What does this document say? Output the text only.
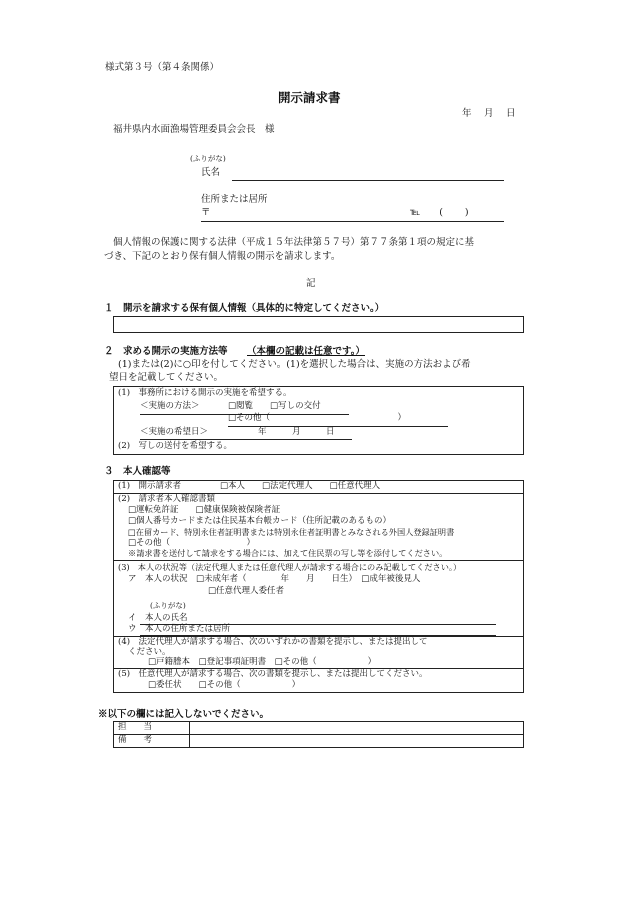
様式第３号（第４条関係）
開示請求書
年　 月　 日
福井県内水面漁場管理委員会会長　様
(ふりがな)
氏名
住所または居所
〒	℡　　(　　 )
個人情報の保護に関する法律（平成１５年法律第５７号）第７７条第１項の規定に基
づき、下記のとおり保有個人情報の開示を請求します。
記
１　開示を請求する保有個人情報（具体的に特定してください。）
２　求める開示の実施方法等 （本欄の記載は任意です。）
(1)または(2)に○印を付してください。(1)を選択した場合は、実施の方法および希
望日を記載してください。
(1)　事務所における開示の実施を希望する。
＜実施の方法＞	□閲覧　　□写しの交付
□その他（　　　　　　　　　　　　　　　）
＜実施の希望日＞	年　　　月　　　日
(2)　写しの送付を希望する。
３　本人確認等
(1)　開示請求者	□本人　　□法定代理人　　□任意代理人
(2)　請求者本人確認書類
□運転免許証　　□健康保険被保険者証
□個人番号カードまたは住民基本台帳カード（住所記載のあるもの）
□在留カード、特別永住者証明書または特別永住者証明書とみなされる外国人登録証明書
□その他（　　　　　　　　　）
※請求書を送付して請求をする場合には、加えて住民票の写し等を添付してください。
(3)　本人の状況等（法定代理人または任意代理人が請求する場合にのみ記載してください。）
ア　本人の状況　□未成年者（　　　　年　　月　　日生）　□成年被後見人
□任意代理人委任者
(ふりがな)
イ　本人の氏名
ウ　本人の住所または居所
(4)　法定代理人が請求する場合、次のいずれかの書類を提示し、または提出して
ください。
□戸籍謄本　□登記事項証明書　□その他（　　　　　　）
(5)　任意代理人が請求する場合、次の書類を提示し、または提出してください。
□委任状　　□その他（　　　　　　）
※以下の欄には記入しないでください。
担　　当
備　　考
